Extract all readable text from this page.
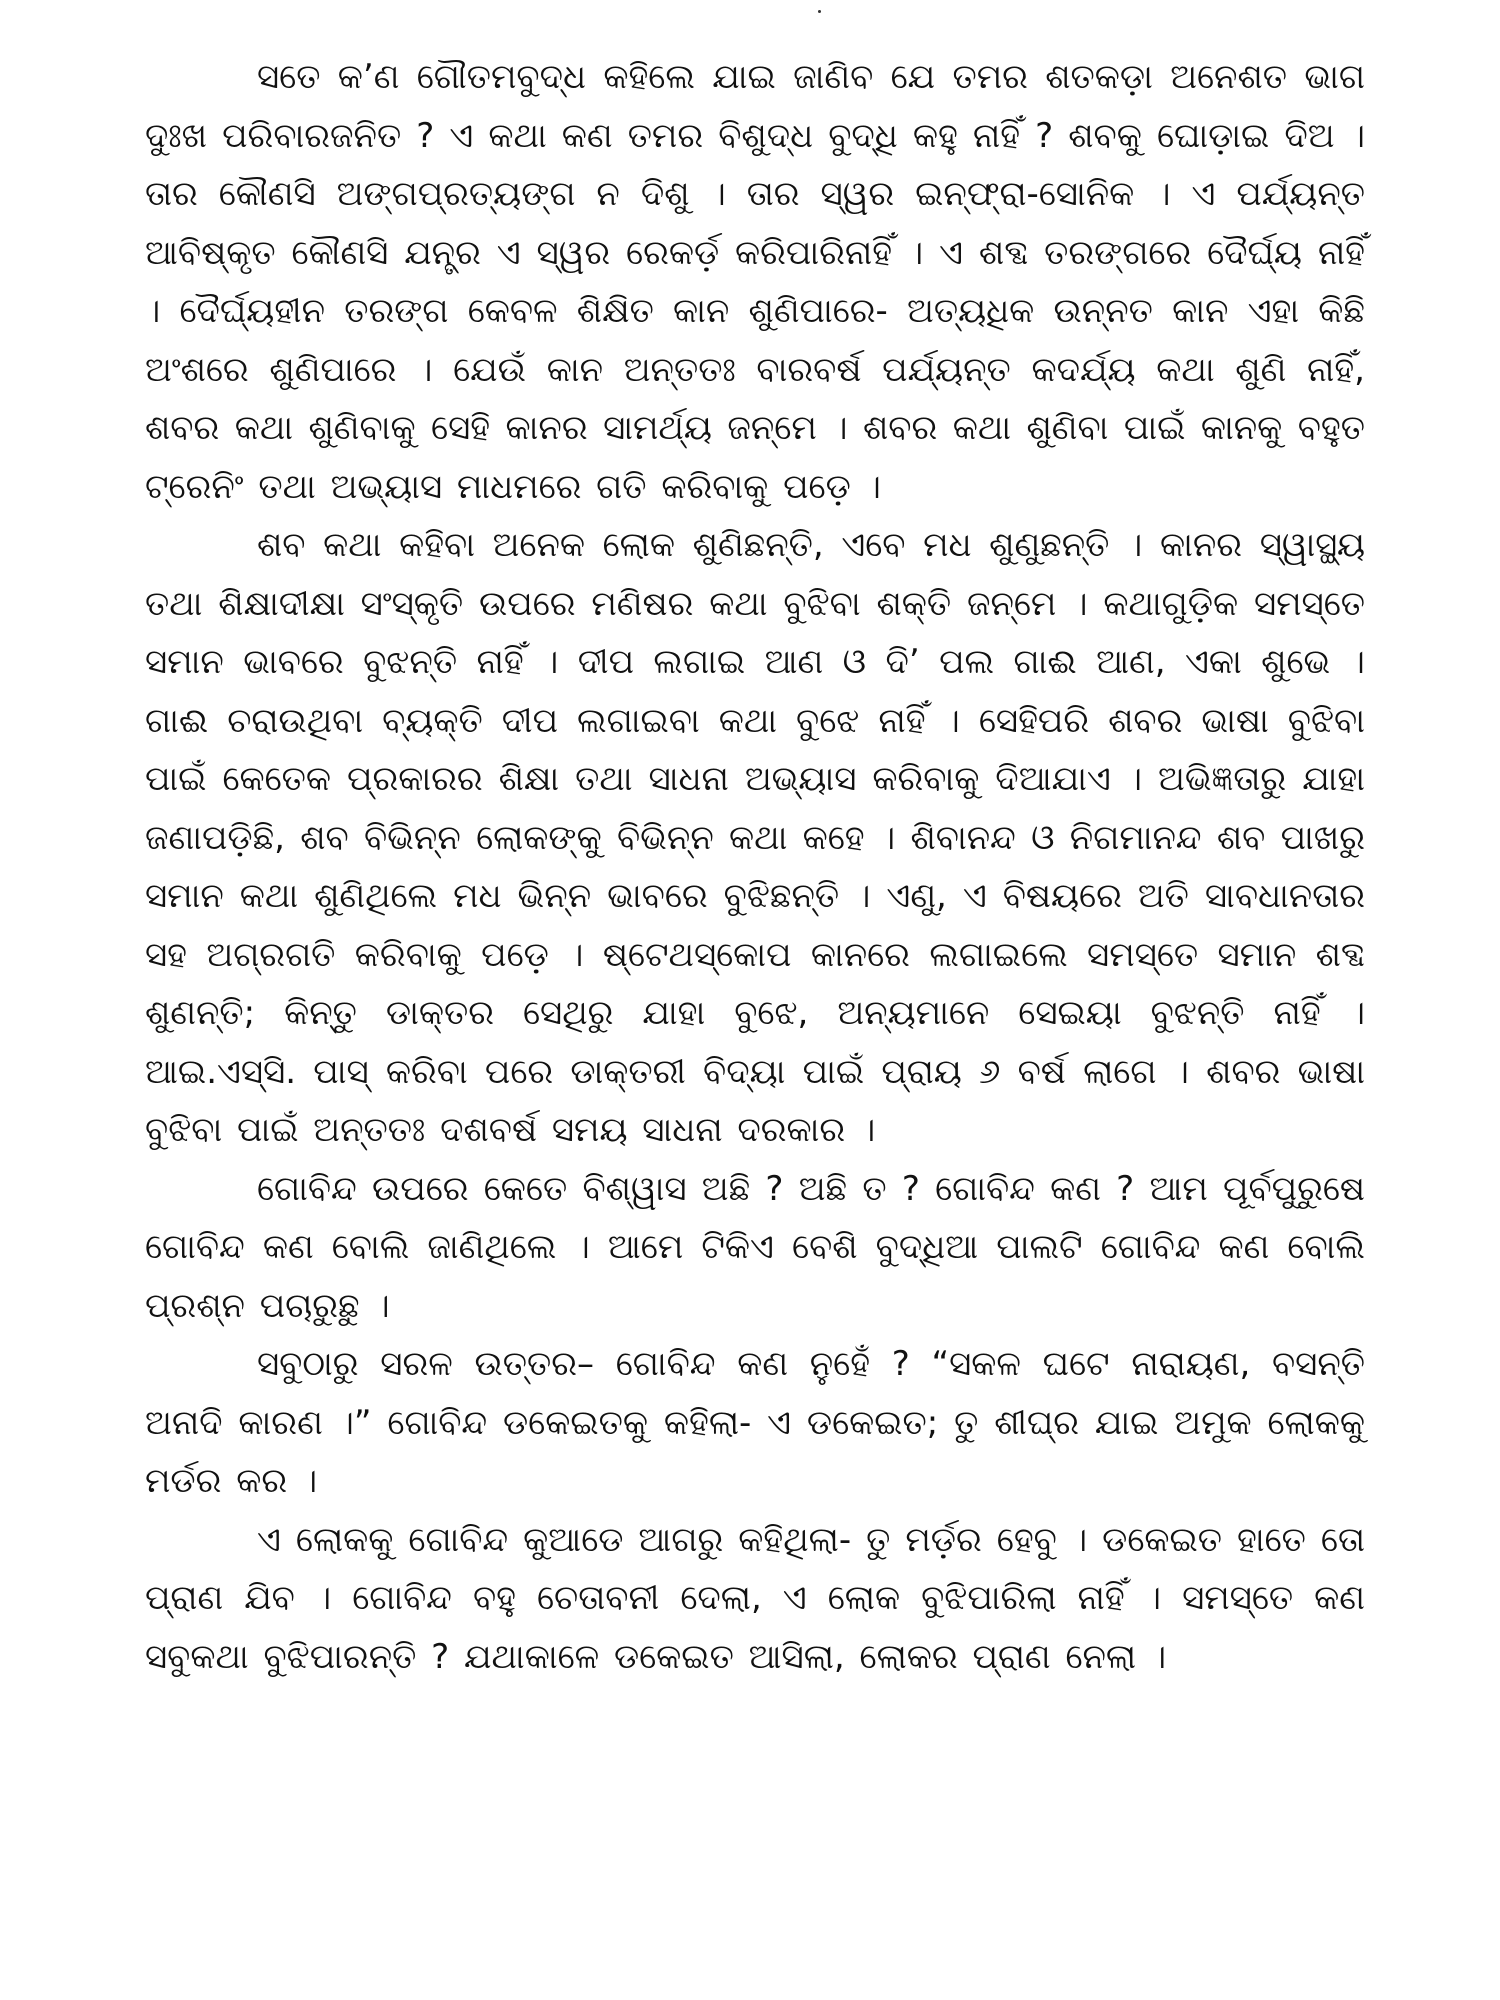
ସତେ କ’ଣ ଗୌତମବୁଦ୍ଧ କହିଲେ ଯାଇ ଜାଣିବ ଯେ ତମର ଶତକଡ଼ା ଅନେଶତ ଭାଗ ଦୁଃଖ ପରିବାରଜନିତ ? ଏ କଥା କଣ ତମର ବିଶୁଦ୍ଧ ବୁଦ୍ଧି କହୁ ନାହିଁ ? ଶବକୁ ଘୋଡ଼ାଇ ଦିଅ । ତାର କୌଣସି ଅଙ୍ଗପ୍ରତ୍ୟଙ୍ଗ ନ ଦିଶୁ । ତାର ସ୍ୱର ଇନ୍‌ଫ୍ରା-ସୋନିକ । ଏ ପର୍ଯ୍ୟନ୍ତ ଆବିଷ୍କୃତ କୌଣସି ଯନ୍ତ୍ର ଏ ସ୍ୱର ରେକର୍ଡ଼ କରିପାରିନାହିଁ । ଏ ଶବ୍ଦ ତରଙ୍ଗରେ ଦୈର୍ଘ୍ୟ ନାହିଁ । ଦୈର୍ଘ୍ୟହୀନ ତରଙ୍ଗ କେବଳ ଶିକ୍ଷିତ କାନ ଶୁଣିପାରେ- ଅତ୍ୟଧିକ ଉନ୍ନତ କାନ ଏହା କିଛି ଅଂଶରେ ଶୁଣିପାରେ । ଯେଉଁ କାନ ଅନ୍ତତଃ ବାରବର୍ଷ ପର୍ଯ୍ୟନ୍ତ କଦର୍ଯ୍ୟ କଥା ଶୁଣି ନାହିଁ, ଶବର କଥା ଶୁଣିବାକୁ ସେହି କାନର ସାମର୍ଥ୍ୟ ଜନ୍ମେ । ଶବର କଥା ଶୁଣିବା ପାଇଁ କାନକୁ ବହୁତ ଟ୍ରେନିଂ ତଥା ଅଭ୍ୟାସ ମାଧମରେ ଗତି କରିବାକୁ ପଡ଼େ ।

ଶବ କଥା କହିବା ଅନେକ ଲୋକ ଶୁଣିଛନ୍ତି, ଏବେ ମଧ ଶୁଣୁଛନ୍ତି । କାନର ସ୍ୱାସ୍ଥ୍ୟ ତଥା ଶିକ୍ଷାଦୀକ୍ଷା ସଂସ୍କୃତି ଉପରେ ମଣିଷର କଥା ବୁଝିବା ଶକ୍ତି ଜନ୍ମେ । କଥାଗୁଡ଼ିକ ସମସ୍ତେ ସମାନ ଭାବରେ ବୁଝନ୍ତି ନାହିଁ । ଦୀପ ଲଗାଇ ଆଣ ଓ ଦି’ ପଲ ଗାଈ ଆଣ, ଏକା ଶୁଭେ । ଗାଈ ଚରାଉଥିବା ବ୍ୟକ୍ତି ଦୀପ ଲଗାଇବା କଥା ବୁଝେ ନାହିଁ । ସେହିପରି ଶବର ଭାଷା ବୁଝିବା ପାଇଁ କେତେକ ପ୍ରକାରର ଶିକ୍ଷା ତଥା ସାଧନା ଅଭ୍ୟାସ କରିବାକୁ ଦିଆଯାଏ । ଅଭିଜ୍ଞତାରୁ ଯାହା ଜଣାପଡ଼ିଛି, ଶବ ବିଭିନ୍ନ ଲୋକଙ୍କୁ ବିଭିନ୍ନ କଥା କହେ । ଶିବାନନ୍ଦ ଓ ନିଗମାନନ୍ଦ ଶବ ପାଖରୁ ସମାନ କଥା ଶୁଣିଥିଲେ ମଧ ଭିନ୍ନ ଭାବରେ ବୁଝିଛନ୍ତି । ଏଣୁ, ଏ ବିଷୟରେ ଅତି ସାବଧାନତାର ସହ ଅଗ୍ରଗତି କରିବାକୁ ପଡ଼େ । ଷ୍ଟେଥସ୍କୋପ କାନରେ ଲଗାଇଲେ ସମସ୍ତେ ସମାନ ଶବ୍ଦ ଶୁଣନ୍ତି; କିନ୍ତୁ ଡାକ୍ତର ସେଥିରୁ ଯାହା ବୁଝେ, ଅନ୍ୟମାନେ ସେଇୟା ବୁଝନ୍ତି ନାହିଁ । ଆଇ.ଏସ୍‌ସି. ପାସ୍ କରିବା ପରେ ଡାକ୍ତରୀ ବିଦ୍ୟା ପାଇଁ ପ୍ରାୟ ୬ ବର୍ଷ ଲାଗେ । ଶବର ଭାଷା ବୁଝିବା ପାଇଁ ଅନ୍ତତଃ ଦଶବର୍ଷ ସମୟ ସାଧନା ଦରକାର ।

ଗୋବିନ୍ଦ ଉପରେ କେତେ ବିଶ୍ୱାସ ଅଛି ? ଅଛି ତ ? ଗୋବିନ୍ଦ କଣ ? ଆମ ପୂର୍ବପୁରୁଷେ ଗୋବିନ୍ଦ କଣ ବୋଲି ଜାଣିଥିଲେ । ଆମେ ଟିକିଏ ବେଶି ବୁଦ୍ଧିଆ ପାଲଟି ଗୋବିନ୍ଦ କଣ ବୋଲି ପ୍ରଶ୍ନ ପଚାରୁଛୁ ।

ସବୁଠାରୁ ସରଳ ଉତ୍ତର– ଗୋବିନ୍ଦ କଣ ନୁହେଁ ? “ସକଳ ଘଟେ ନାରାୟଣ, ବସନ୍ତି ଅନାଦି କାରଣ ।” ଗୋବିନ୍ଦ ଡକେଇତକୁ କହିଲା- ଏ ଡକେଇତ; ତୁ ଶୀଘ୍ର ଯାଇ ଅମୁକ ଲୋକକୁ ମର୍ଡର କର ।

ଏ ଲୋକକୁ ଗୋବିନ୍ଦ କୁଆଡେ ଆଗରୁ କହିଥିଲା- ତୁ ମର୍ଡ଼ର ହେବୁ । ଡକେଇତ ହାତେ ତୋ ପ୍ରାଣ ଯିବ । ଗୋବିନ୍ଦ ବହୁ ଚେତାବନୀ ଦେଲା, ଏ ଲୋକ ବୁଝିପାରିଲା ନାହିଁ । ସମସ୍ତେ କଣ ସବୁକଥା ବୁଝିପାରନ୍ତି ? ଯଥାକାଳେ ଡକେଇତ ଆସିଲା, ଲୋକର ପ୍ରାଣ ନେଲା ।
